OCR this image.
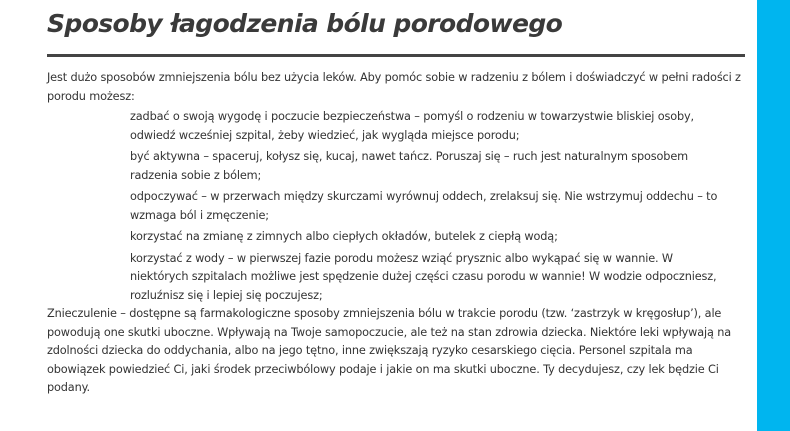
Sposoby łagodzenia bólu porodowego

Jest dużo sposobów zmniejszenia bólu bez użycia leków. Aby pomóc sobie w radzeniu z bólem i doświadczyć w pełni radości z porodu możesz:

zadbać o swoją wygodę i poczucie bezpieczeństwa – pomyśl o rodzeniu w towarzystwie bliskiej osoby, odwiedź wcześniej szpital, żeby wiedzieć, jak wygląda miejsce porodu;
być aktywna – spaceruj, kołysz się, kucaj, nawet tańcz. Poruszaj się – ruch jest naturalnym sposobem radzenia sobie z bólem;
odpoczywać – w przerwach między skurczami wyrównuj oddech, zrelaksuj się. Nie wstrzymuj oddechu – to wzmaga ból i zmęczenie;
korzystać na zmianę z zimnych albo ciepłych okładów, butelek z ciepłą wodą;
korzystać z wody – w pierwszej fazie porodu możesz wziąć prysznic albo wykąpać się w wannie. W niektórych szpitalach możliwe jest spędzenie dużej części czasu porodu w wannie! W wodzie odpoczniesz, rozluźnisz się i lepiej się poczujesz;

Znieczulenie – dostępne są farmakologiczne sposoby zmniejszenia bólu w trakcie porodu (tzw. ‘zastrzyk w kręgosłup’), ale powodują one skutki uboczne. Wpływają na Twoje samopoczucie, ale też na stan zdrowia dziecka. Niektóre leki wpływają na zdolności dziecka do oddychania, albo na jego tętno, inne zwiększają ryzyko cesarskiego cięcia. Personel szpitala ma obowiązek powiedzieć Ci, jaki środek przeciwbólowy podaje i jakie on ma skutki uboczne. Ty decydujesz, czy lek będzie Ci podany.
